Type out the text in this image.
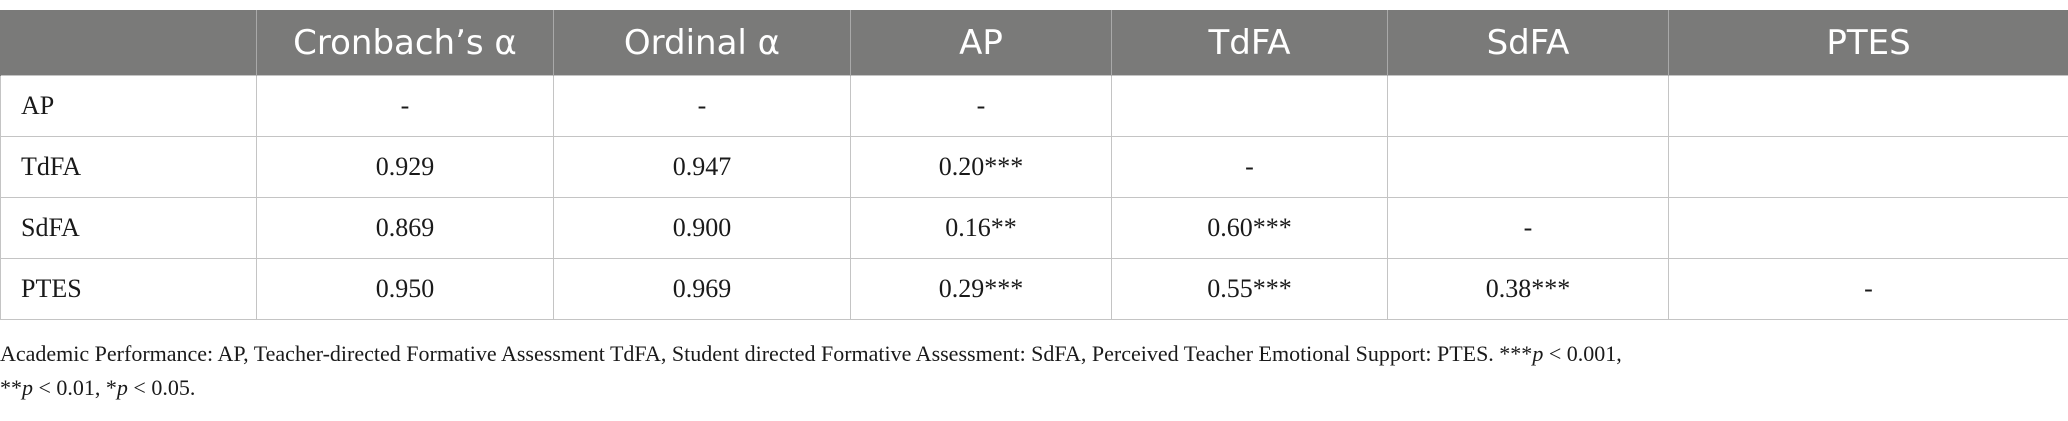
	Cronbach’s α	Ordinal α	AP	TdFA	SdFA	PTES
AP	-	-	-			
TdFA	0.929	0.947	0.20***	-		
SdFA	0.869	0.900	0.16**	0.60***	-	
PTES	0.950	0.969	0.29***	0.55***	0.38***	-
Academic Performance: AP, Teacher-directed Formative Assessment TdFA, Student directed Formative Assessment: SdFA, Perceived Teacher Emotional Support: PTES. ***p < 0.001,
**p < 0.01, *p < 0.05.
